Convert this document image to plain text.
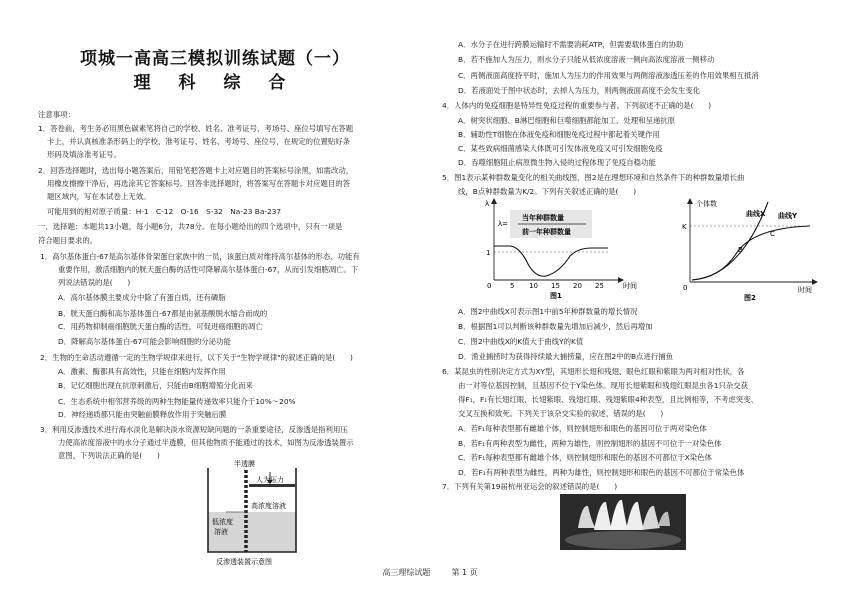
项城一高高三模拟训练试题（一）
理 科 综 合
注意事项：
1．答卷前，考生务必用黑色碳素笔将自己的学校、姓名、准考证号、考场号、座位号填写在答题
卡上，并认真核准条形码上的学校、准考证号、姓名、考场号、座位号，在规定的位置贴好条
形码及填涂准考证号。
2．回答选择题时，选出每小题答案后，用铅笔把答题卡上对应题目的答案标号涂黑，如需改动，
用橡皮擦擦干净后，再选涂其它答案标号。回答非选择题时，将答案写在答题卡对应题目的答
题区域内，写在本试卷上无效。
可能用到的相对原子质量：H-1　C-12　O-16　S-32　Na-23 Ba-237
一．选择题：本题共13小题，每小题6分，共78分。在每小题给出的四个选项中，只有一项是
符合题目要求的。
1．高尔基体蛋白-67是高尔基体骨架蛋白家族中的一员，该蛋白质对维持高尔基体的形态、功能有
重要作用，激活细胞内的胱天蛋白酶的活性可降解高尔基体蛋白-67，从而引发细胞凋亡。下
列说法错误的是(　　)
A．高尔基体膜主要成分中除了有蛋白质，还有磷脂
B．胱天蛋白酶和高尔基体蛋白-67都是由氨基酸脱水缩合而成的
C．用药物抑制癌细胞胱天蛋白酶的活性，可促进癌细胞的凋亡
D．降解高尔基体蛋白-67可能会影响细胞的分泌功能
2．生物的生命活动遵循一定的生物学规律来进行，以下关于"生物学规律"的叙述正确的是(　　)
A．激素、酶都具有高效性，只能在细胞内发挥作用
B．记忆细胞出现在抗原刺激后，只能由B细胞增殖分化而来
C．生态系统中相邻营养级的两种生物能量传递效率只能介于10%～20%
D．神经递质都只能由突触前膜释放作用于突触后膜
3．利用反渗透技术进行海水淡化是解决淡水资源短缺问题的一条重要途径，反渗透是指利用压
力使高浓度溶液中的水分子通过半透膜，但其他物质不能通过的技术，如图为反渗透装置示
意图，下列说法正确的是(　　)
半透膜
人为压力
高浓度溶液
低浓度
溶液
反渗透装置示意图
A．水分子在进行跨膜运输时不需要消耗ATP，但需要载体蛋白的协助
B．若不施加人为压力，则水分子只能从低浓度溶液一侧向高浓度溶液一侧移动
C．两侧液面高度持平时，施加人为压力的作用效果与两侧溶液渗透压差的作用效果相互抵消
D．若液面处于图中状态时，去掉人为压力，则两侧液面高度不会发生变化
4．人体内的免疫细胞是特异性免疫过程的重要参与者。下列叙述不正确的是(　　)
A．树突状细胞、B淋巴细胞和巨噬细胞都能加工、处理和呈递抗原
B．辅助性T细胞在体液免疫和细胞免疫过程中都起着关键作用
C．某些致病细菌感染人体既可引发体液免疫又可引发细胞免疫
D．吞噬细胞阻止病原微生物入侵的过程体现了免疫自稳功能
5．图1表示某种群数量变化的相关曲线图，图2是在理想环境和自然条件下的种群数量增长曲
线，B点种群数量为K/2。下列有关叙述正确的是(　　)
λ=
当年种群数量
前一年种群数量
λ
1
0	5 10 15 20 25	时间
图1
个体数
K
曲线X 曲线Y
C
B
0	时间
图2
A．图2中曲线X可表示图1中前5年种群数量的增长情况
B．根据图1可以判断该种群数量先增加后减少，然后再增加
C．图2中曲线X的K值大于曲线Y的K值
D．渔业捕捞时为获得持续最大捕捞量，应在图2中的B点进行捕鱼
6．某昆虫的性别决定方式为XY型，其翅形长翅和残翅、眼色红眼和紫眼为两对相对性状，各
由一对等位基因控制，且基因不位于Y染色体。现用长翅紫眼和残翅红眼昆虫各1只杂交获
得F₁，F₁有长翅红眼、长翅紫眼、残翅红眼、残翅紫眼4种表型，且比例相等，不考虑突变、
交叉互换和致死。下列关于该杂交实验的叙述，错误的是(　　)
A．若F₁每种表型都有雌雄个体，则控制翅形和眼色的基因可位于两对染色体
B．若F₁有两种表型为雌性，两种为雄性，则控制翅形的基因不可位于一对染色体
C．若F₁每种表型都有雌雄个体，则控制翅形和眼色的基因不可都位于X染色体
D．若F₁有两种表型为雌性，两种为雄性，则控制翅形和眼色的基因不可都位于常染色体
7．下列有关第19届杭州亚运会的叙述错误的是(　　)
高三理综试题	第 1 页
